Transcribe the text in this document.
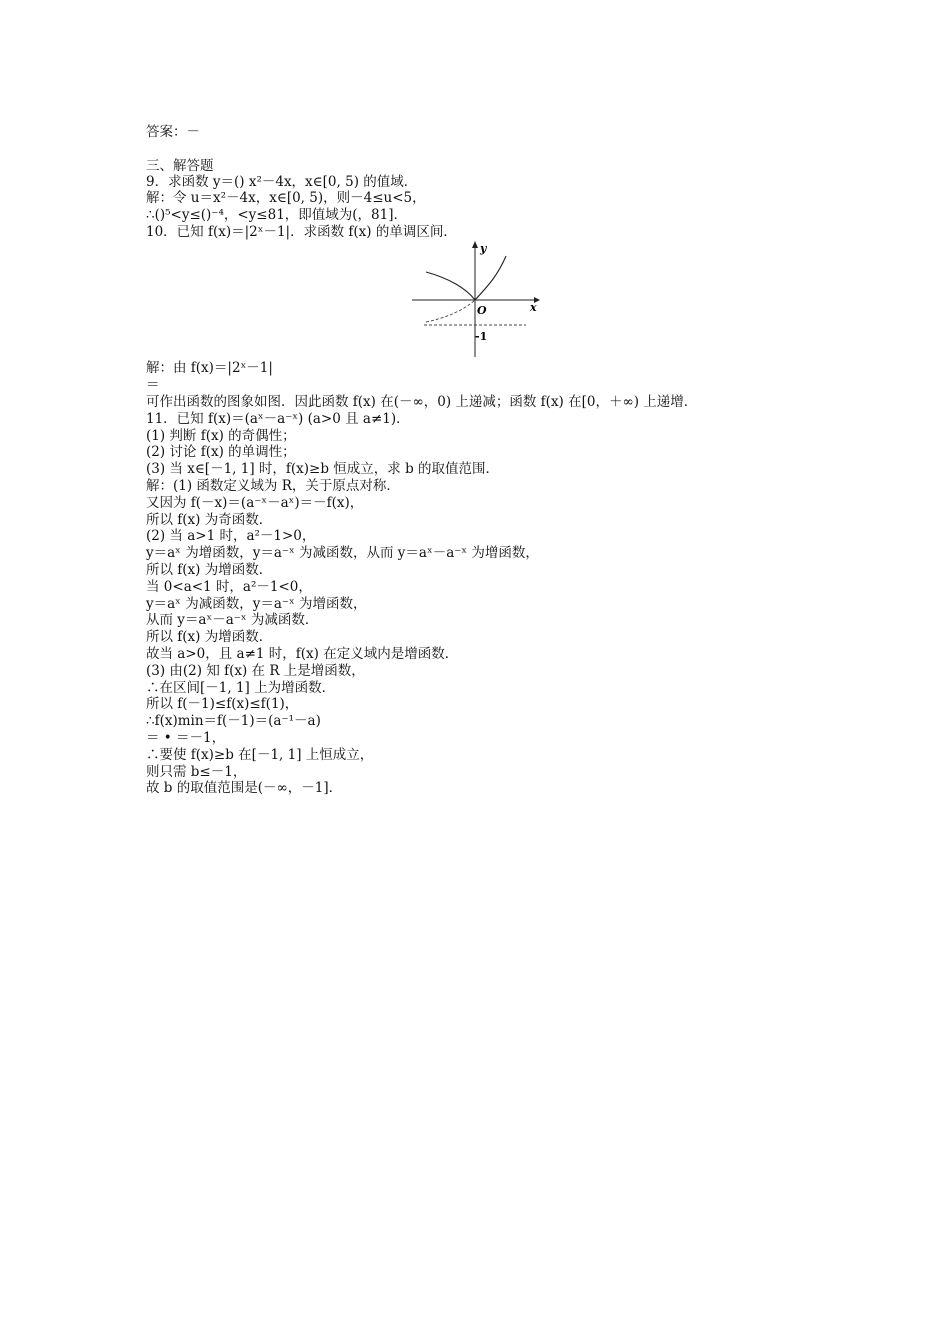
答案：－
三、解答题
9．求函数 y＝() x²－4x，x∈[0, 5) 的值域．
解：令 u＝x²－4x，x∈[0, 5)，则－4≤u<5，
∴()⁵<y≤()⁻⁴，<y≤81，即值域为(，81]．
10．已知 f(x)＝|2ˣ－1|．求函数 f(x) 的单调区间．
y
x
O
-1
解：由 f(x)＝|2ˣ－1|
＝
可作出函数的图象如图．因此函数 f(x) 在(－∞，0) 上递减；函数 f(x) 在[0，＋∞) 上递增．
11．已知 f(x)＝(aˣ－a⁻ˣ) (a>0 且 a≠1)．
(1) 判断 f(x) 的奇偶性；
(2) 讨论 f(x) 的单调性；
(3) 当 x∈[－1, 1] 时，f(x)≥b 恒成立，求 b 的取值范围．
解：(1) 函数定义域为 R，关于原点对称．
又因为 f(－x)＝(a⁻ˣ－aˣ)＝－f(x)，
所以 f(x) 为奇函数．
(2) 当 a>1 时，a²－1>0，
y＝aˣ 为增函数，y＝a⁻ˣ 为减函数，从而 y＝aˣ－a⁻ˣ 为增函数，
所以 f(x) 为增函数．
当 0<a<1 时，a²－1<0，
y＝aˣ 为减函数，y＝a⁻ˣ 为增函数，
从而 y＝aˣ－a⁻ˣ 为减函数．
所以 f(x) 为增函数．
故当 a>0，且 a≠1 时，f(x) 在定义域内是增函数．
(3) 由(2) 知 f(x) 在 R 上是增函数，
∴在区间[－1, 1] 上为增函数．
所以 f(－1)≤f(x)≤f(1)，
∴f(x)min＝f(－1)＝(a⁻¹－a)
＝ • ＝－1，
∴要使 f(x)≥b 在[－1, 1] 上恒成立，
则只需 b≤－1，
故 b 的取值范围是(－∞，－1]．
